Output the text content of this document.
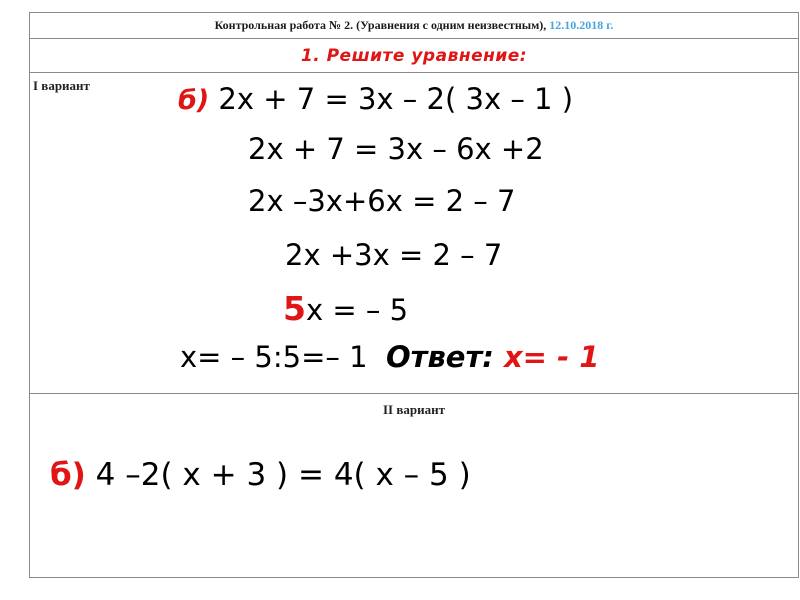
Контрольная работа № 2. (Уравнения с одним неизвестным), 12.10.2018 г.
1. Решите уравнение:
I вариант	б) 2х + 7 = 3х – 2( 3х – 1 )
2х + 7 = 3х – 6х +2
2х –3х+6х = 2 – 7
2х +3х = 2 – 7
5х = – 5
х= – 5:5=– 1 Ответ: х= - 1
II вариант
б) 4 –2( х + 3 ) = 4( х – 5 )
